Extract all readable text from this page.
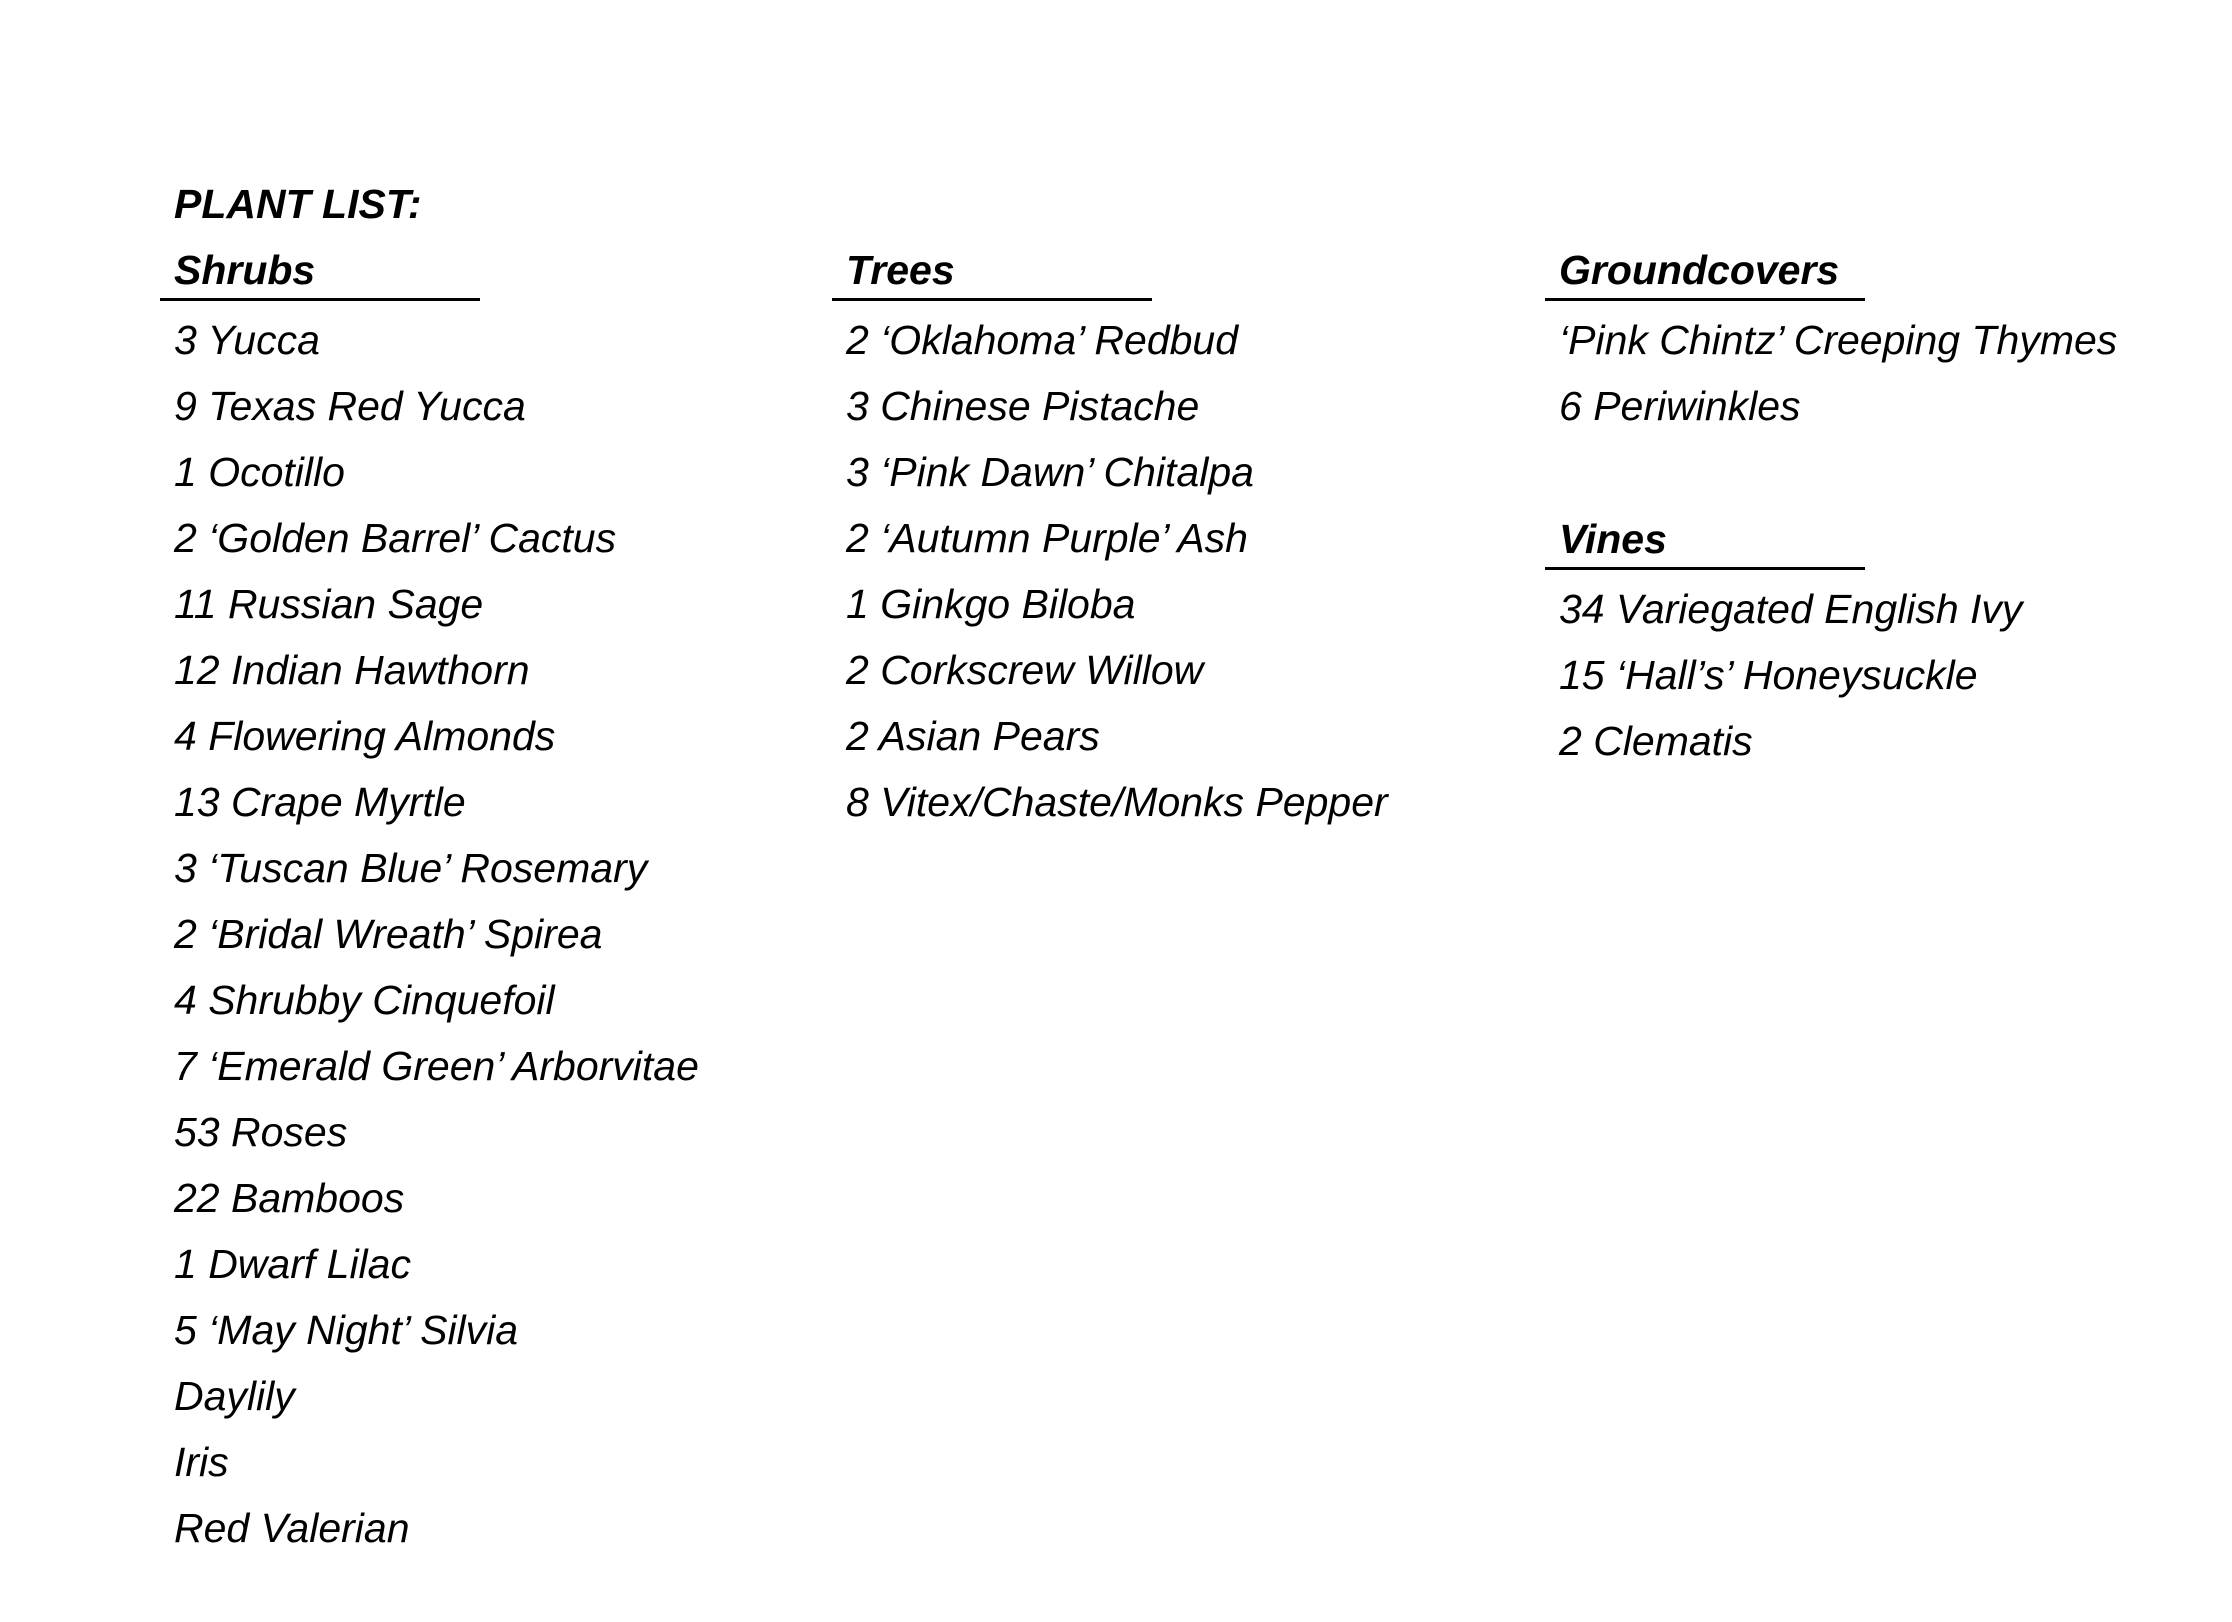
PLANT LIST:
Shrubs
3 Yucca
9 Texas Red Yucca
1 Ocotillo
2 ‘Golden Barrel’ Cactus
11 Russian Sage
12 Indian Hawthorn
4 Flowering Almonds
13 Crape Myrtle
3 ‘Tuscan Blue’ Rosemary
2 ‘Bridal Wreath’ Spirea
4 Shrubby Cinquefoil
7 ‘Emerald Green’ Arborvitae
53 Roses
22 Bamboos
1 Dwarf Lilac
5 ‘May Night’ Silvia
Daylily
Iris
Red Valerian
Trees
2 ‘Oklahoma’ Redbud
3 Chinese Pistache
3 ‘Pink Dawn’ Chitalpa
2 ‘Autumn Purple’ Ash
1 Ginkgo Biloba
2 Corkscrew Willow
2 Asian Pears
8 Vitex/Chaste/Monks Pepper
Groundcovers
‘Pink Chintz’ Creeping Thymes
6 Periwinkles
Vines
34 Variegated English Ivy
15 ‘Hall’s’ Honeysuckle
2 Clematis
